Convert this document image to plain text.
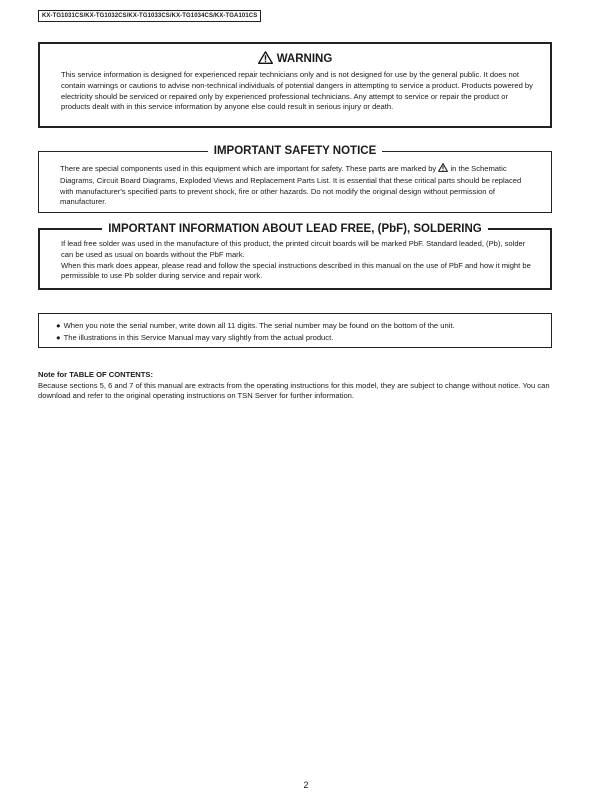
KX-TG1031CS/KX-TG1032CS/KX-TG1033CS/KX-TG1034CS/KX-TGA101CS
WARNING
This service information is designed for experienced repair technicians only and is not designed for use by the general public. It does not contain warnings or cautions to advise non-technical individuals of potential dangers in attempting to service a product. Products powered by electricity should be serviced or repaired only by experienced professional technicians. Any attempt to service or repair the product or products dealt with in this service information by anyone else could result in serious injury or death.
IMPORTANT SAFETY NOTICE
There are special components used in this equipment which are important for safety. These parts are marked by in the Schematic Diagrams, Circuit Board Diagrams, Exploded Views and Replacement Parts List. It is essential that these critical parts should be replaced with manufacturer's specified parts to prevent shock, fire or other hazards. Do not modify the original design without permission of manufacturer.
IMPORTANT INFORMATION ABOUT LEAD FREE, (PbF), SOLDERING
If lead free solder was used in the manufacture of this product, the printed circuit boards will be marked PbF. Standard leaded, (Pb), solder can be used as usual on boards without the PbF mark.
When this mark does appear, please read and follow the special instructions described in this manual on the use of PbF and how it might be permissible to use Pb solder during service and repair work.
● When you note the serial number, write down all 11 digits. The serial number may be found on the bottom of the unit.
● The illustrations in this Service Manual may vary slightly from the actual product.
Note for TABLE OF CONTENTS:
Because sections 5, 6 and 7 of this manual are extracts from the operating instructions for this model, they are subject to change without notice. You can download and refer to the original operating instructions on TSN Server for further information.
2
